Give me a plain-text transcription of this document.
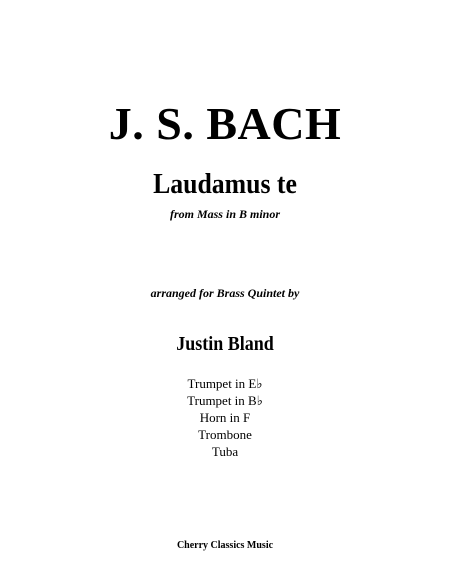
J. S. BACH
Laudamus te
from Mass in B minor
arranged for Brass Quintet by
Justin Bland
Trumpet in E♭
Trumpet in B♭
Horn in F
Trombone
Tuba
Cherry Classics Music
